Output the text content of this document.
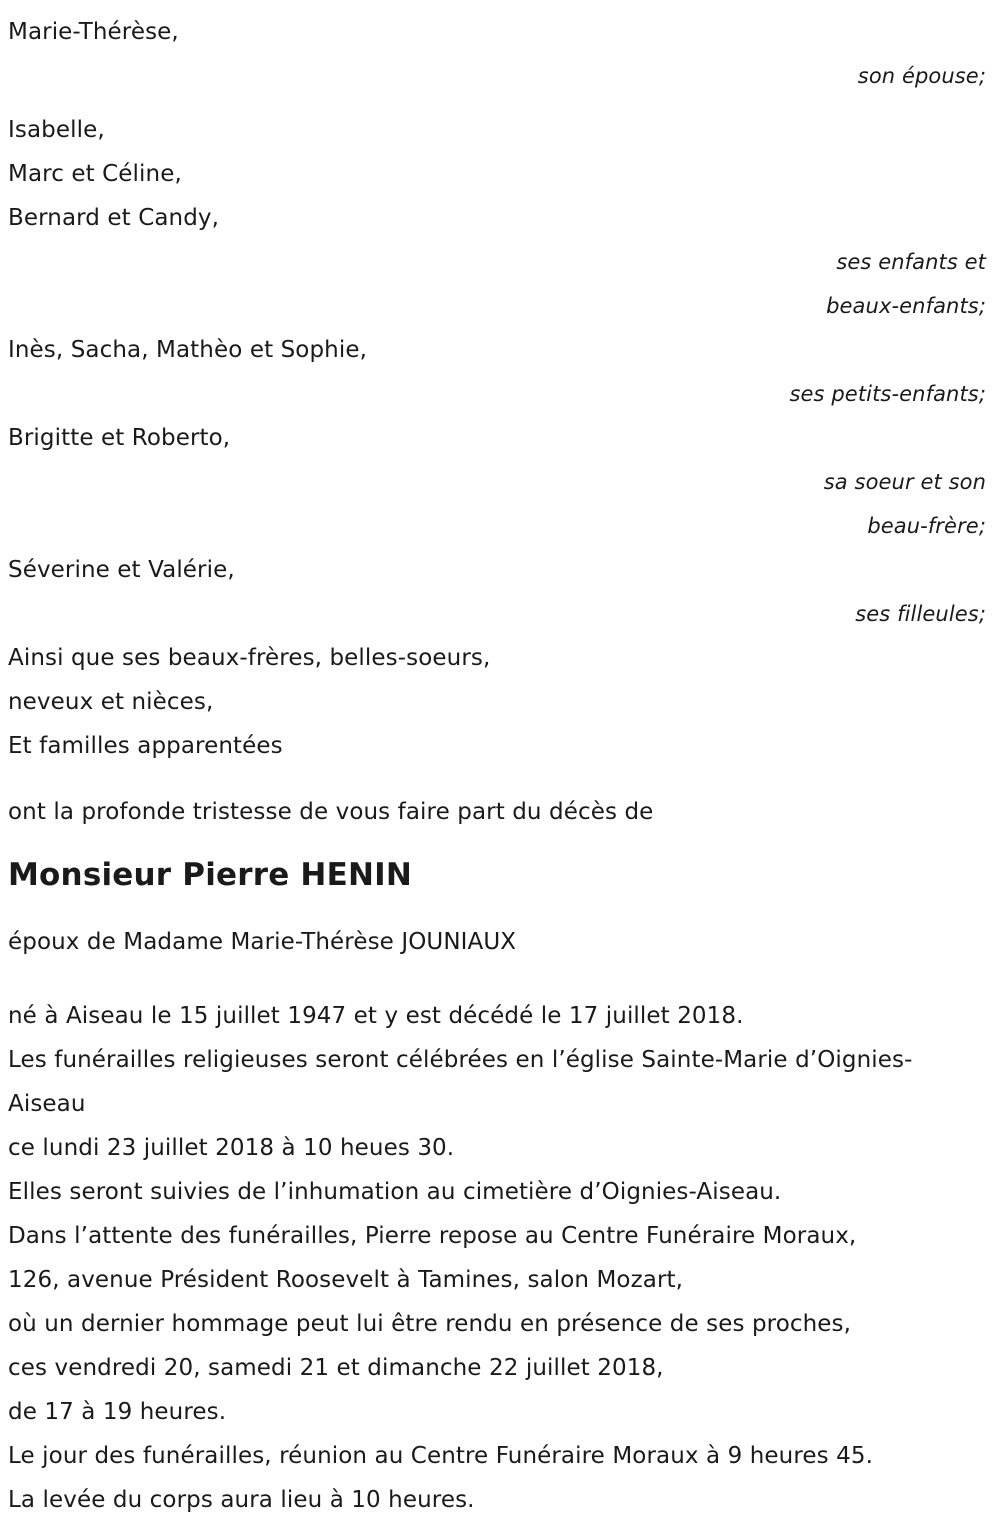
Marie-Thérèse,
son épouse;
Isabelle,
Marc et Céline,
Bernard et Candy,
ses enfants et beaux-enfants;
Inès, Sacha, Mathèo et Sophie,
ses petits-enfants;
Brigitte et Roberto,
sa soeur et son beau-frère;
Séverine et Valérie,
ses filleules;
Ainsi que ses beaux-frères, belles-soeurs,
neveux et nièces,
Et familles apparentées
ont la profonde tristesse de vous faire part du décès de
Monsieur Pierre HENIN
époux de Madame Marie-Thérèse JOUNIAUX
né à Aiseau le 15 juillet 1947 et y est décédé le 17 juillet 2018.
Les funérailles religieuses seront célébrées en l’église Sainte-Marie d’Oignies-Aiseau
ce lundi 23 juillet 2018 à 10 heues 30.
Elles seront suivies de l’inhumation au cimetière d’Oignies-Aiseau.
Dans l’attente des funérailles, Pierre repose au Centre Funéraire Moraux,
126, avenue Président Roosevelt à Tamines, salon Mozart,
où un dernier hommage peut lui être rendu en présence de ses proches,
ces vendredi 20, samedi 21 et dimanche 22 juillet 2018,
de 17 à 19 heures.
Le jour des funérailles, réunion au Centre Funéraire Moraux à 9 heures 45.
La levée du corps aura lieu à 10 heures.
